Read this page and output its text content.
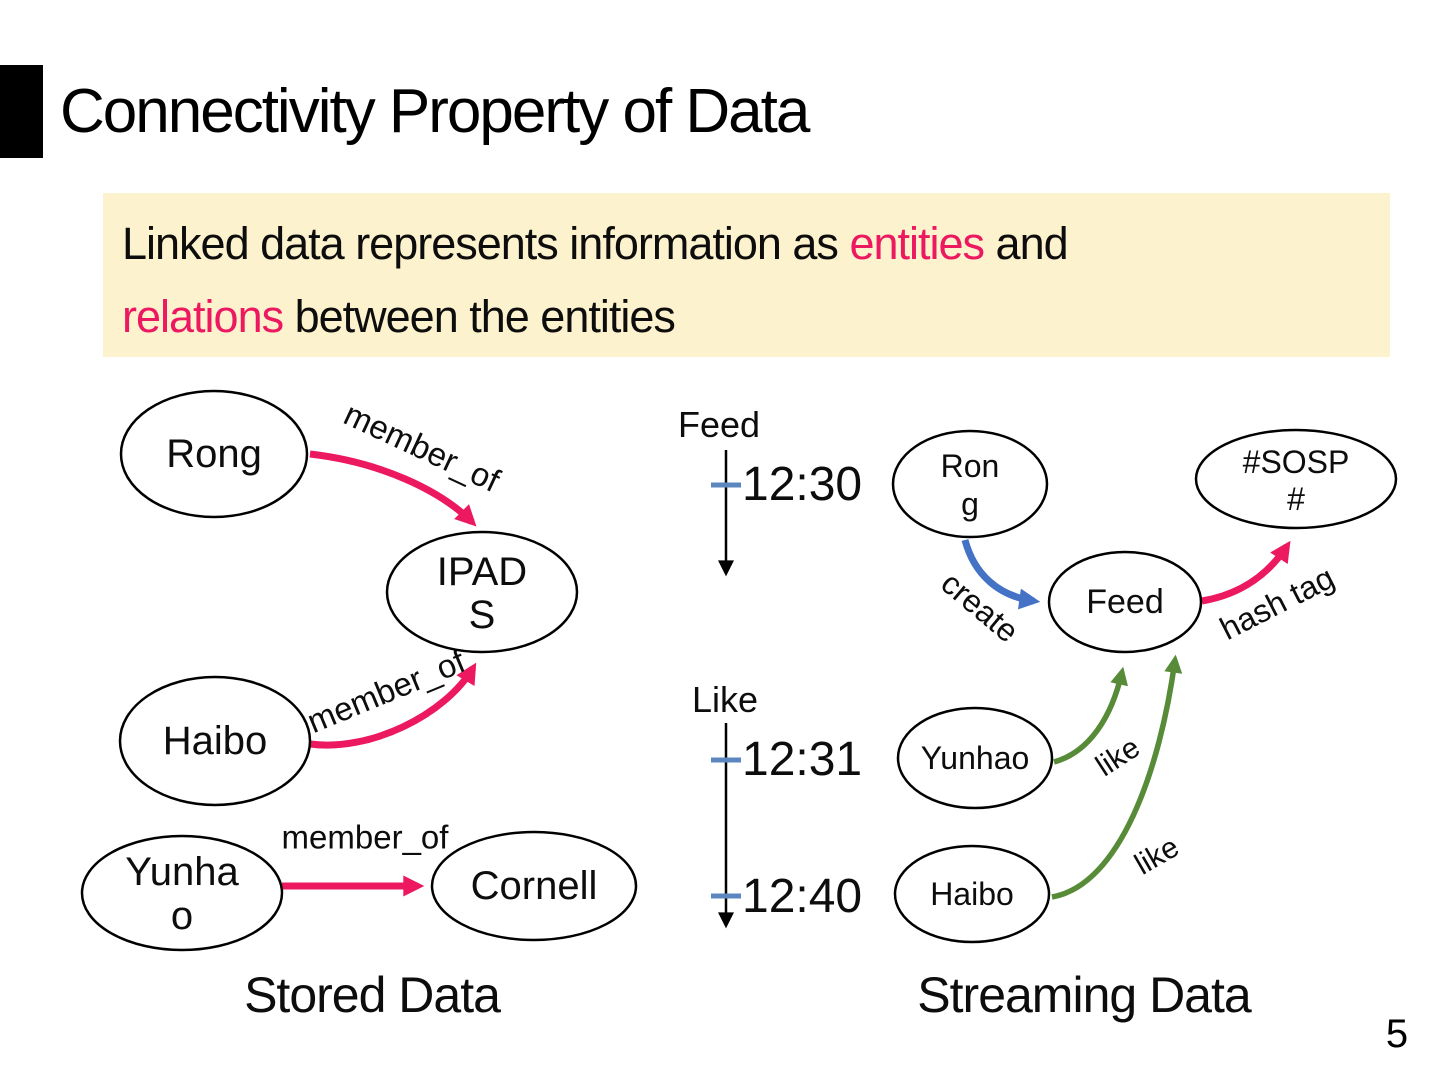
Connectivity Property of Data
Linked data represents information as entities and
relations between the entities
member_of
member_of
member_of
Rong
IPAD
S
Haibo
Yunha
o
Cornell
Stored Data
Feed
12:30
Like
12:31
12:40
create	hash tag
like
like
Ron
g
#SOSP
#
Feed
Yunhao
Haibo
Streaming Data
5
